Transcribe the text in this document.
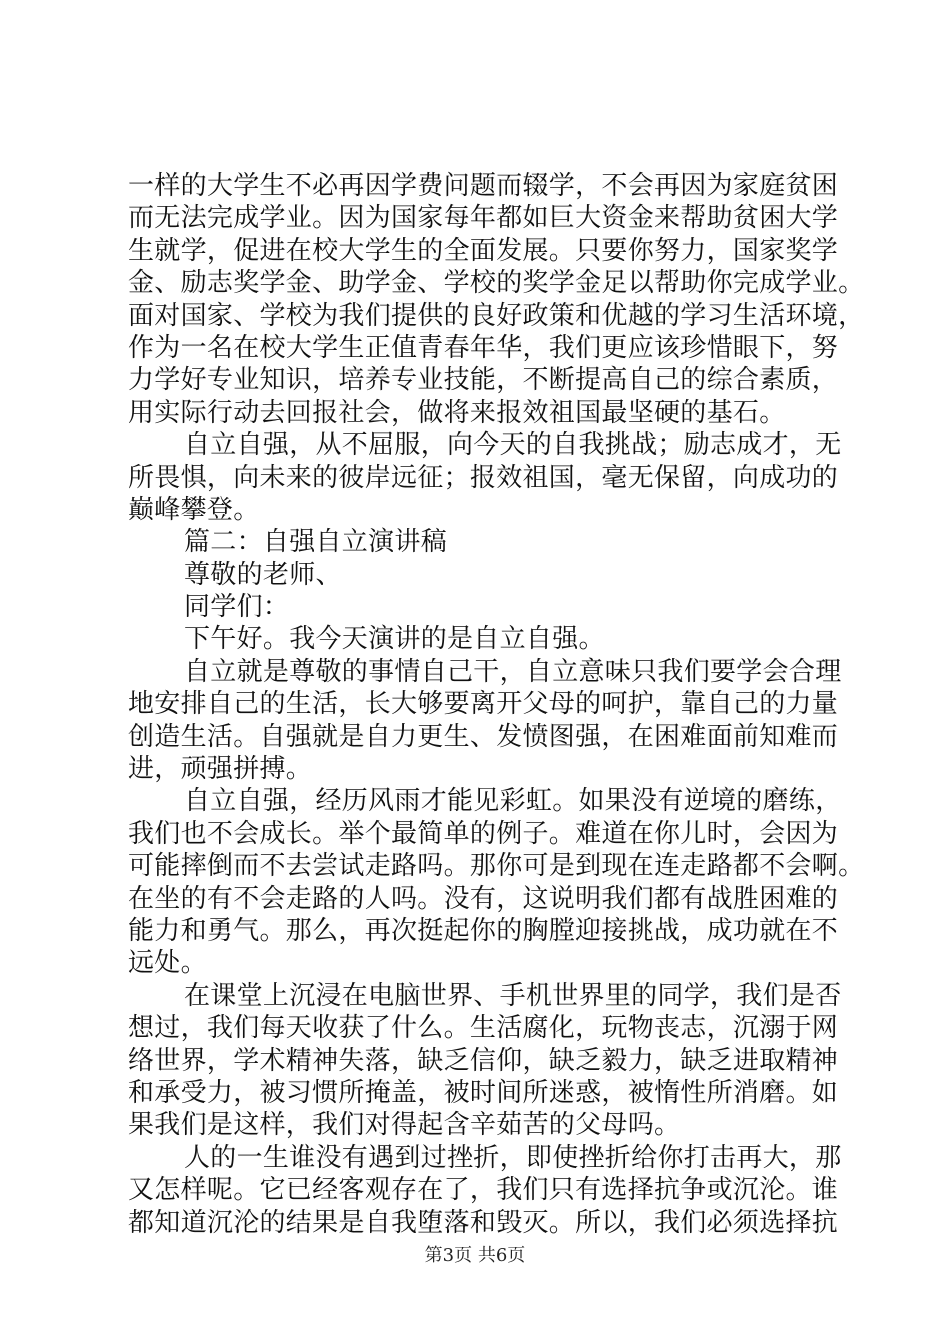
一样的大学生不必再因学费问题而辍学，不会再因为家庭贫困
而无法完成学业。因为国家每年都如巨大资金来帮助贫困大学
生就学，促进在校大学生的全面发展。只要你努力，国家奖学
金、励志奖学金、助学金、学校的奖学金足以帮助你完成学业。
面对国家、学校为我们提供的良好政策和优越的学习生活环境，
作为一名在校大学生正值青春年华，我们更应该珍惜眼下，努
力学好专业知识，培养专业技能，不断提高自己的综合素质，
用实际行动去回报社会，做将来报效祖国最坚硬的基石。
自立自强，从不屈服，向今天的自我挑战；励志成才，无
所畏惧，向未来的彼岸远征；报效祖国，毫无保留，向成功的
巅峰攀登。
篇二：自强自立演讲稿
尊敬的老师、
同学们：
下午好。我今天演讲的是自立自强。
自立就是尊敬的事情自己干，自立意味只我们要学会合理
地安排自己的生活，长大够要离开父母的呵护，靠自己的力量
创造生活。自强就是自力更生、发愤图强，在困难面前知难而
进，顽强拼搏。
自立自强，经历风雨才能见彩虹。如果没有逆境的磨练，
我们也不会成长。举个最简单的例子。难道在你儿时，会因为
可能摔倒而不去尝试走路吗。那你可是到现在连走路都不会啊。
在坐的有不会走路的人吗。没有，这说明我们都有战胜困难的
能力和勇气。那么，再次挺起你的胸膛迎接挑战，成功就在不
远处。
在课堂上沉浸在电脑世界、手机世界里的同学，我们是否
想过，我们每天收获了什么。生活腐化，玩物丧志，沉溺于网
络世界，学术精神失落，缺乏信仰，缺乏毅力，缺乏进取精神
和承受力，被习惯所掩盖，被时间所迷惑，被惰性所消磨。如
果我们是这样，我们对得起含辛茹苦的父母吗。
人的一生谁没有遇到过挫折，即使挫折给你打击再大，那
又怎样呢。它已经客观存在了，我们只有选择抗争或沉沦。谁
都知道沉沦的结果是自我堕落和毁灭。所以，我们必须选择抗
第3页 共6页
